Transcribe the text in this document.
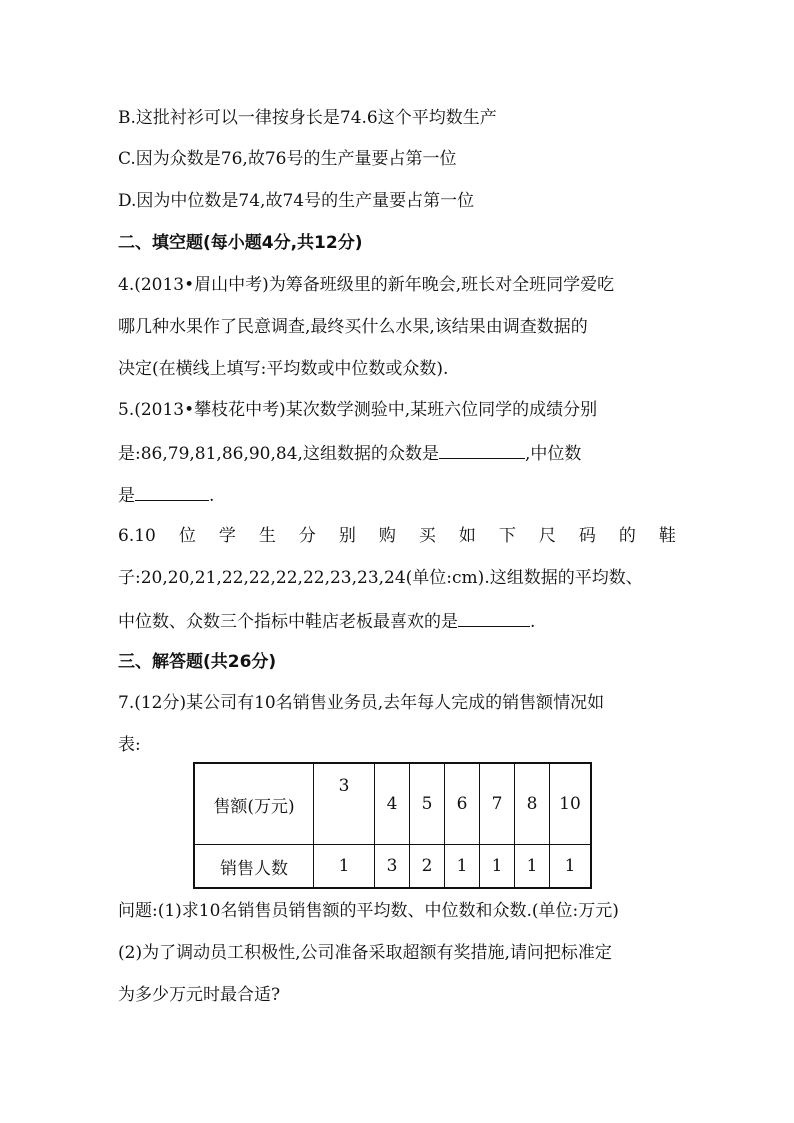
B.这批衬衫可以一律按身长是74.6这个平均数生产
C.因为众数是76,故76号的生产量要占第一位
D.因为中位数是74,故74号的生产量要占第一位
二、填空题(每小题4分,共12分)
4.(2013•眉山中考)为筹备班级里的新年晚会,班长对全班同学爱吃
哪几种水果作了民意调查,最终买什么水果,该结果由调查数据的
决定(在横线上填写:平均数或中位数或众数).
5.(2013•攀枝花中考)某次数学测验中,某班六位同学的成绩分别
是:86,79,81,86,90,84,这组数据的众数是	,中位数
是	.
6.10 位 学 生 分 别 购 买 如 下 尺 码 的 鞋
子:20,20,21,22,22,22,22,23,23,24(单位:cm).这组数据的平均数、
中位数、众数三个指标中鞋店老板最喜欢的是	.
三、解答题(共26分)
7.(12分)某公司有10名销售业务员,去年每人完成的销售额情况如
表:
售额(万元)	3	4	5	6	7	8	10
销售人数	1	3	2	1	1	1	1
问题:(1)求10名销售员销售额的平均数、中位数和众数.(单位:万元)
(2)为了调动员工积极性,公司准备采取超额有奖措施,请问把标准定
为多少万元时最合适?
